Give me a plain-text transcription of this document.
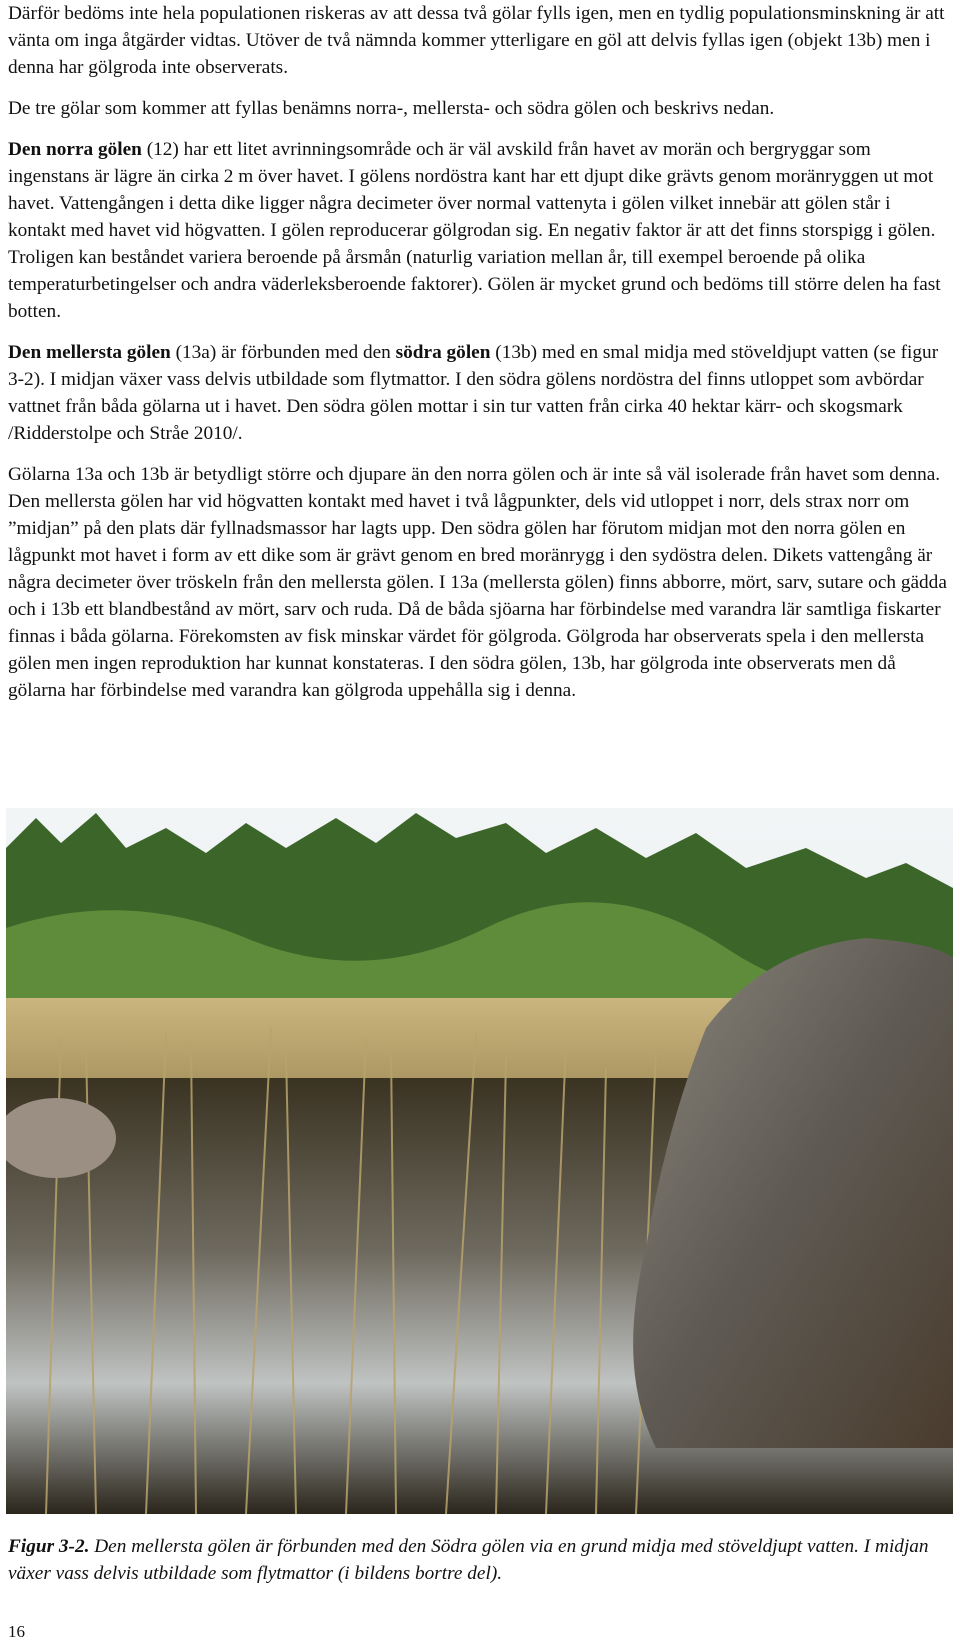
Därför bedöms inte hela populationen riskeras av att dessa två gölar fylls igen, men en tydlig populationsminskning är att vänta om inga åtgärder vidtas. Utöver de två nämnda kommer ytterligare en göl att delvis fyllas igen (objekt 13b) men i denna har gölgroda inte observerats.

De tre gölar som kommer att fyllas benämns norra-, mellersta- och södra gölen och beskrivs nedan.

Den norra gölen (12) har ett litet avrinningsområde och är väl avskild från havet av morän och bergryggar som ingenstans är lägre än cirka 2 m över havet. I gölens nordöstra kant har ett djupt dike grävts genom moränryggen ut mot havet. Vattengången i detta dike ligger några decimeter över normal vattenyta i gölen vilket innebär att gölen står i kontakt med havet vid högvatten. I gölen reproducerar gölgrodan sig. En negativ faktor är att det finns storspigg i gölen. Troligen kan beståndet variera beroende på årsmån (naturlig variation mellan år, till exempel beroende på olika temperaturbetingelser och andra väderleksberoende faktorer). Gölen är mycket grund och bedöms till större delen ha fast botten.

Den mellersta gölen (13a) är förbunden med den södra gölen (13b) med en smal midja med stöveldjupt vatten (se figur 3-2). I midjan växer vass delvis utbildade som flytmattor. I den södra gölens nordöstra del finns utloppet som avbördar vattnet från båda gölarna ut i havet. Den södra gölen mottar i sin tur vatten från cirka 40 hektar kärr- och skogsmark /Ridderstolpe och Stråe 2010/.

Gölarna 13a och 13b är betydligt större och djupare än den norra gölen och är inte så väl isolerade från havet som denna. Den mellersta gölen har vid högvatten kontakt med havet i två lågpunkter, dels vid utloppet i norr, dels strax norr om ”midjan” på den plats där fyllnadsmassor har lagts upp. Den södra gölen har förutom midjan mot den norra gölen en lågpunkt mot havet i form av ett dike som är grävt genom en bred moränrygg i den sydöstra delen. Dikets vattengång är några decimeter över tröskeln från den mellersta gölen. I 13a (mellersta gölen) finns abborre, mört, sarv, sutare och gädda och i 13b ett blandbestånd av mört, sarv och ruda. Då de båda sjöarna har förbindelse med varandra lär samtliga fiskarter finnas i båda gölarna. Förekomsten av fisk minskar värdet för gölgroda. Gölgroda har observerats spela i den mellersta gölen men ingen reproduktion har kunnat konstateras. I den södra gölen, 13b, har gölgroda inte observerats men då gölarna har förbindelse med varandra kan gölgroda uppehålla sig i denna.

Figur 3-2. Den mellersta gölen är förbunden med den Södra gölen via en grund midja med stöveldjupt vatten. I midjan växer vass delvis utbildade som flytmattor (i bildens bortre del).
16
